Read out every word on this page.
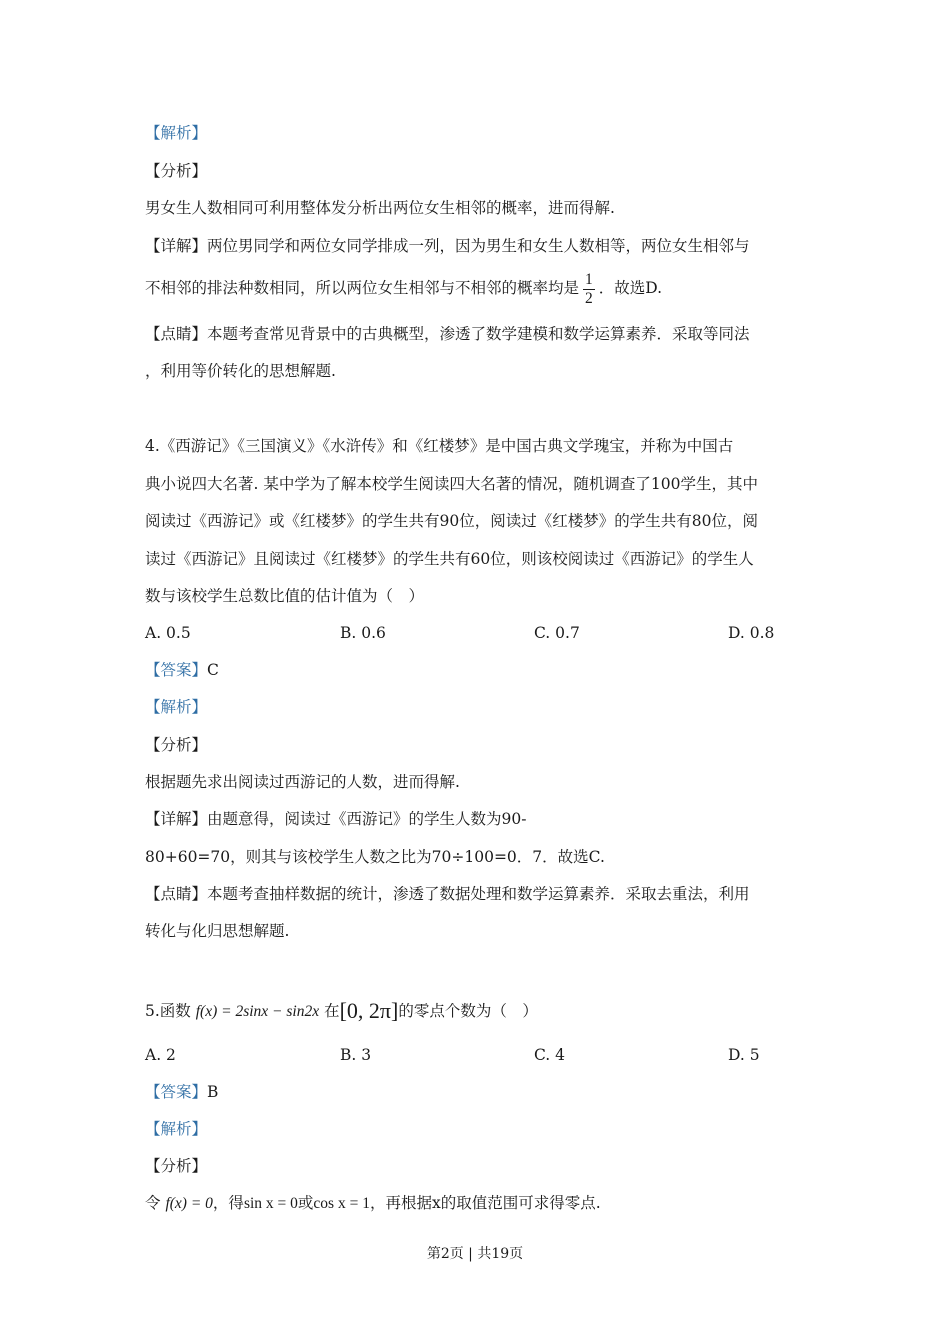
【解析】
【分析】
男女生人数相同可利用整体发分析出两位女生相邻的概率，进而得解.
【详解】两位男同学和两位女同学排成一列，因为男生和女生人数相等，两位女生相邻与
不相邻的排法种数相同，所以两位女生相邻与不相邻的概率均是 $\frac{1}{2}$ ．故选D.
【点睛】本题考查常见背景中的古典概型，渗透了数学建模和数学运算素养．采取等同法
，利用等价转化的思想解题.
4.《西游记》《三国演义》《水浒传》和《红楼梦》是中国古典文学瑰宝，并称为中国古
典小说四大名著. 某中学为了解本校学生阅读四大名著的情况，随机调查了100学生，其中
阅读过《西游记》或《红楼梦》的学生共有90位，阅读过《红楼梦》的学生共有80位，阅
读过《西游记》且阅读过《红楼梦》的学生共有60位，则该校阅读过《西游记》的学生人
数与该校学生总数比值的估计值为（　）
A. 0.5	B. 0.6	C. 0.7	D. 0.8
【答案】C
【解析】
【分析】
根据题先求出阅读过西游记的人数，进而得解.
【详解】由题意得，阅读过《西游记》的学生人数为90-
80+60=70，则其与该校学生人数之比为70÷100=0．7．故选C.
【点睛】本题考查抽样数据的统计，渗透了数据处理和数学运算素养．采取去重法，利用
转化与化归思想解题.
5.函数 f(x) = 2sinx − sin2x 在[0, 2π]的零点个数为（　）
A. 2	B. 3	C. 4	D. 5
【答案】B
【解析】
【分析】
令 f(x) = 0，得sin x = 0或cos x = 1，再根据x的取值范围可求得零点.
第2页 | 共19页
